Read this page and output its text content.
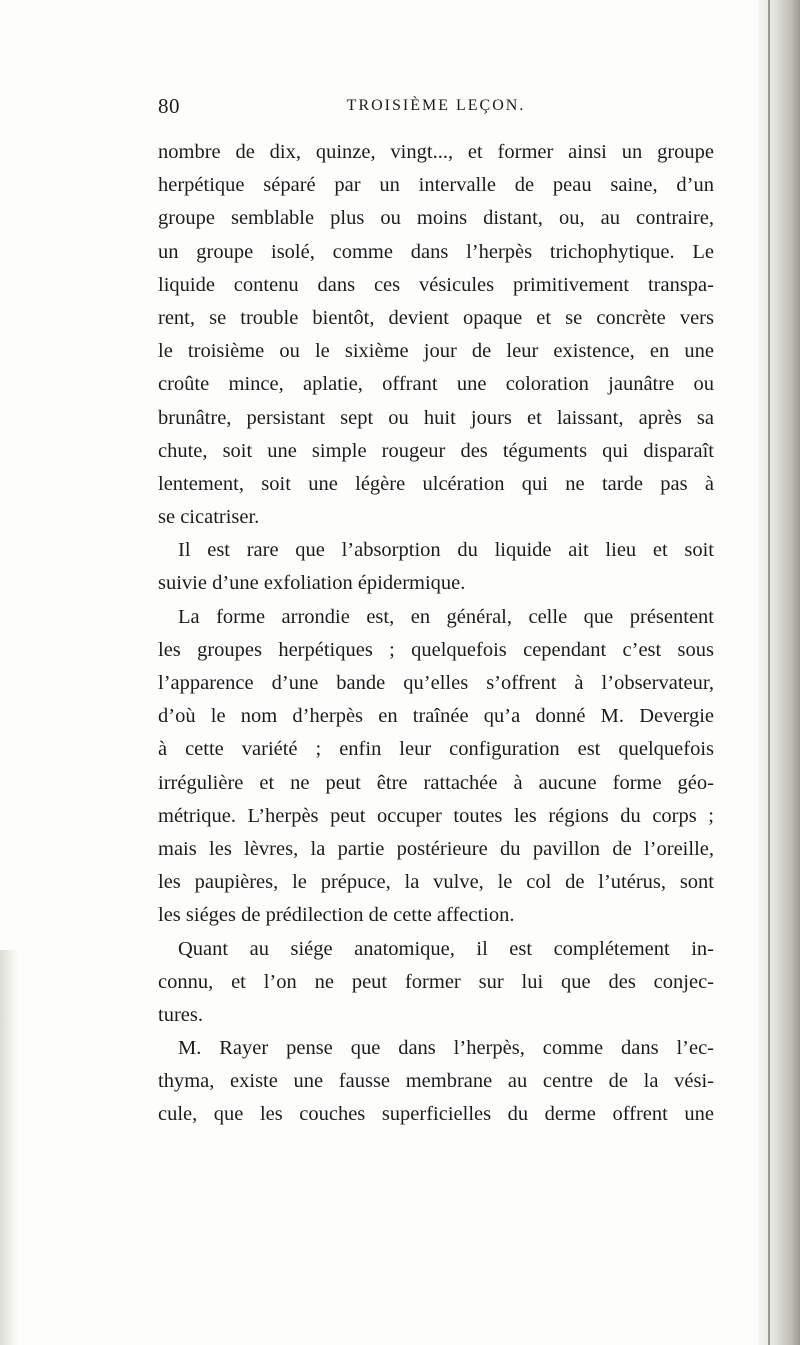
80	TROISIÈME LEÇON.
nombre de dix, quinze, vingt..., et former ainsi un groupe
herpétique séparé par un intervalle de peau saine, d’un
groupe semblable plus ou moins distant, ou, au contraire,
un groupe isolé, comme dans l’herpès trichophytique. Le
liquide contenu dans ces vésicules primitivement transpa-
rent, se trouble bientôt, devient opaque et se concrète vers
le troisième ou le sixième jour de leur existence, en une
croûte mince, aplatie, offrant une coloration jaunâtre ou
brunâtre, persistant sept ou huit jours et laissant, après sa
chute, soit une simple rougeur des téguments qui disparaît
lentement, soit une légère ulcération qui ne tarde pas à
se cicatriser.
Il est rare que l’absorption du liquide ait lieu et soit
suivie d’une exfoliation épidermique.
La forme arrondie est, en général, celle que présentent
les groupes herpétiques ; quelquefois cependant c’est sous
l’apparence d’une bande qu’elles s’offrent à l’observateur,
d’où le nom d’herpès en traînée qu’a donné M. Devergie
à cette variété ; enfin leur configuration est quelquefois
irrégulière et ne peut être rattachée à aucune forme géo-
métrique. L’herpès peut occuper toutes les régions du corps ;
mais les lèvres, la partie postérieure du pavillon de l’oreille,
les paupières, le prépuce, la vulve, le col de l’utérus, sont
les siéges de prédilection de cette affection.
Quant au siége anatomique, il est complétement in-
connu, et l’on ne peut former sur lui que des conjec-
tures.
M. Rayer pense que dans l’herpès, comme dans l’ec-
thyma, existe une fausse membrane au centre de la vési-
cule, que les couches superficielles du derme offrent une
